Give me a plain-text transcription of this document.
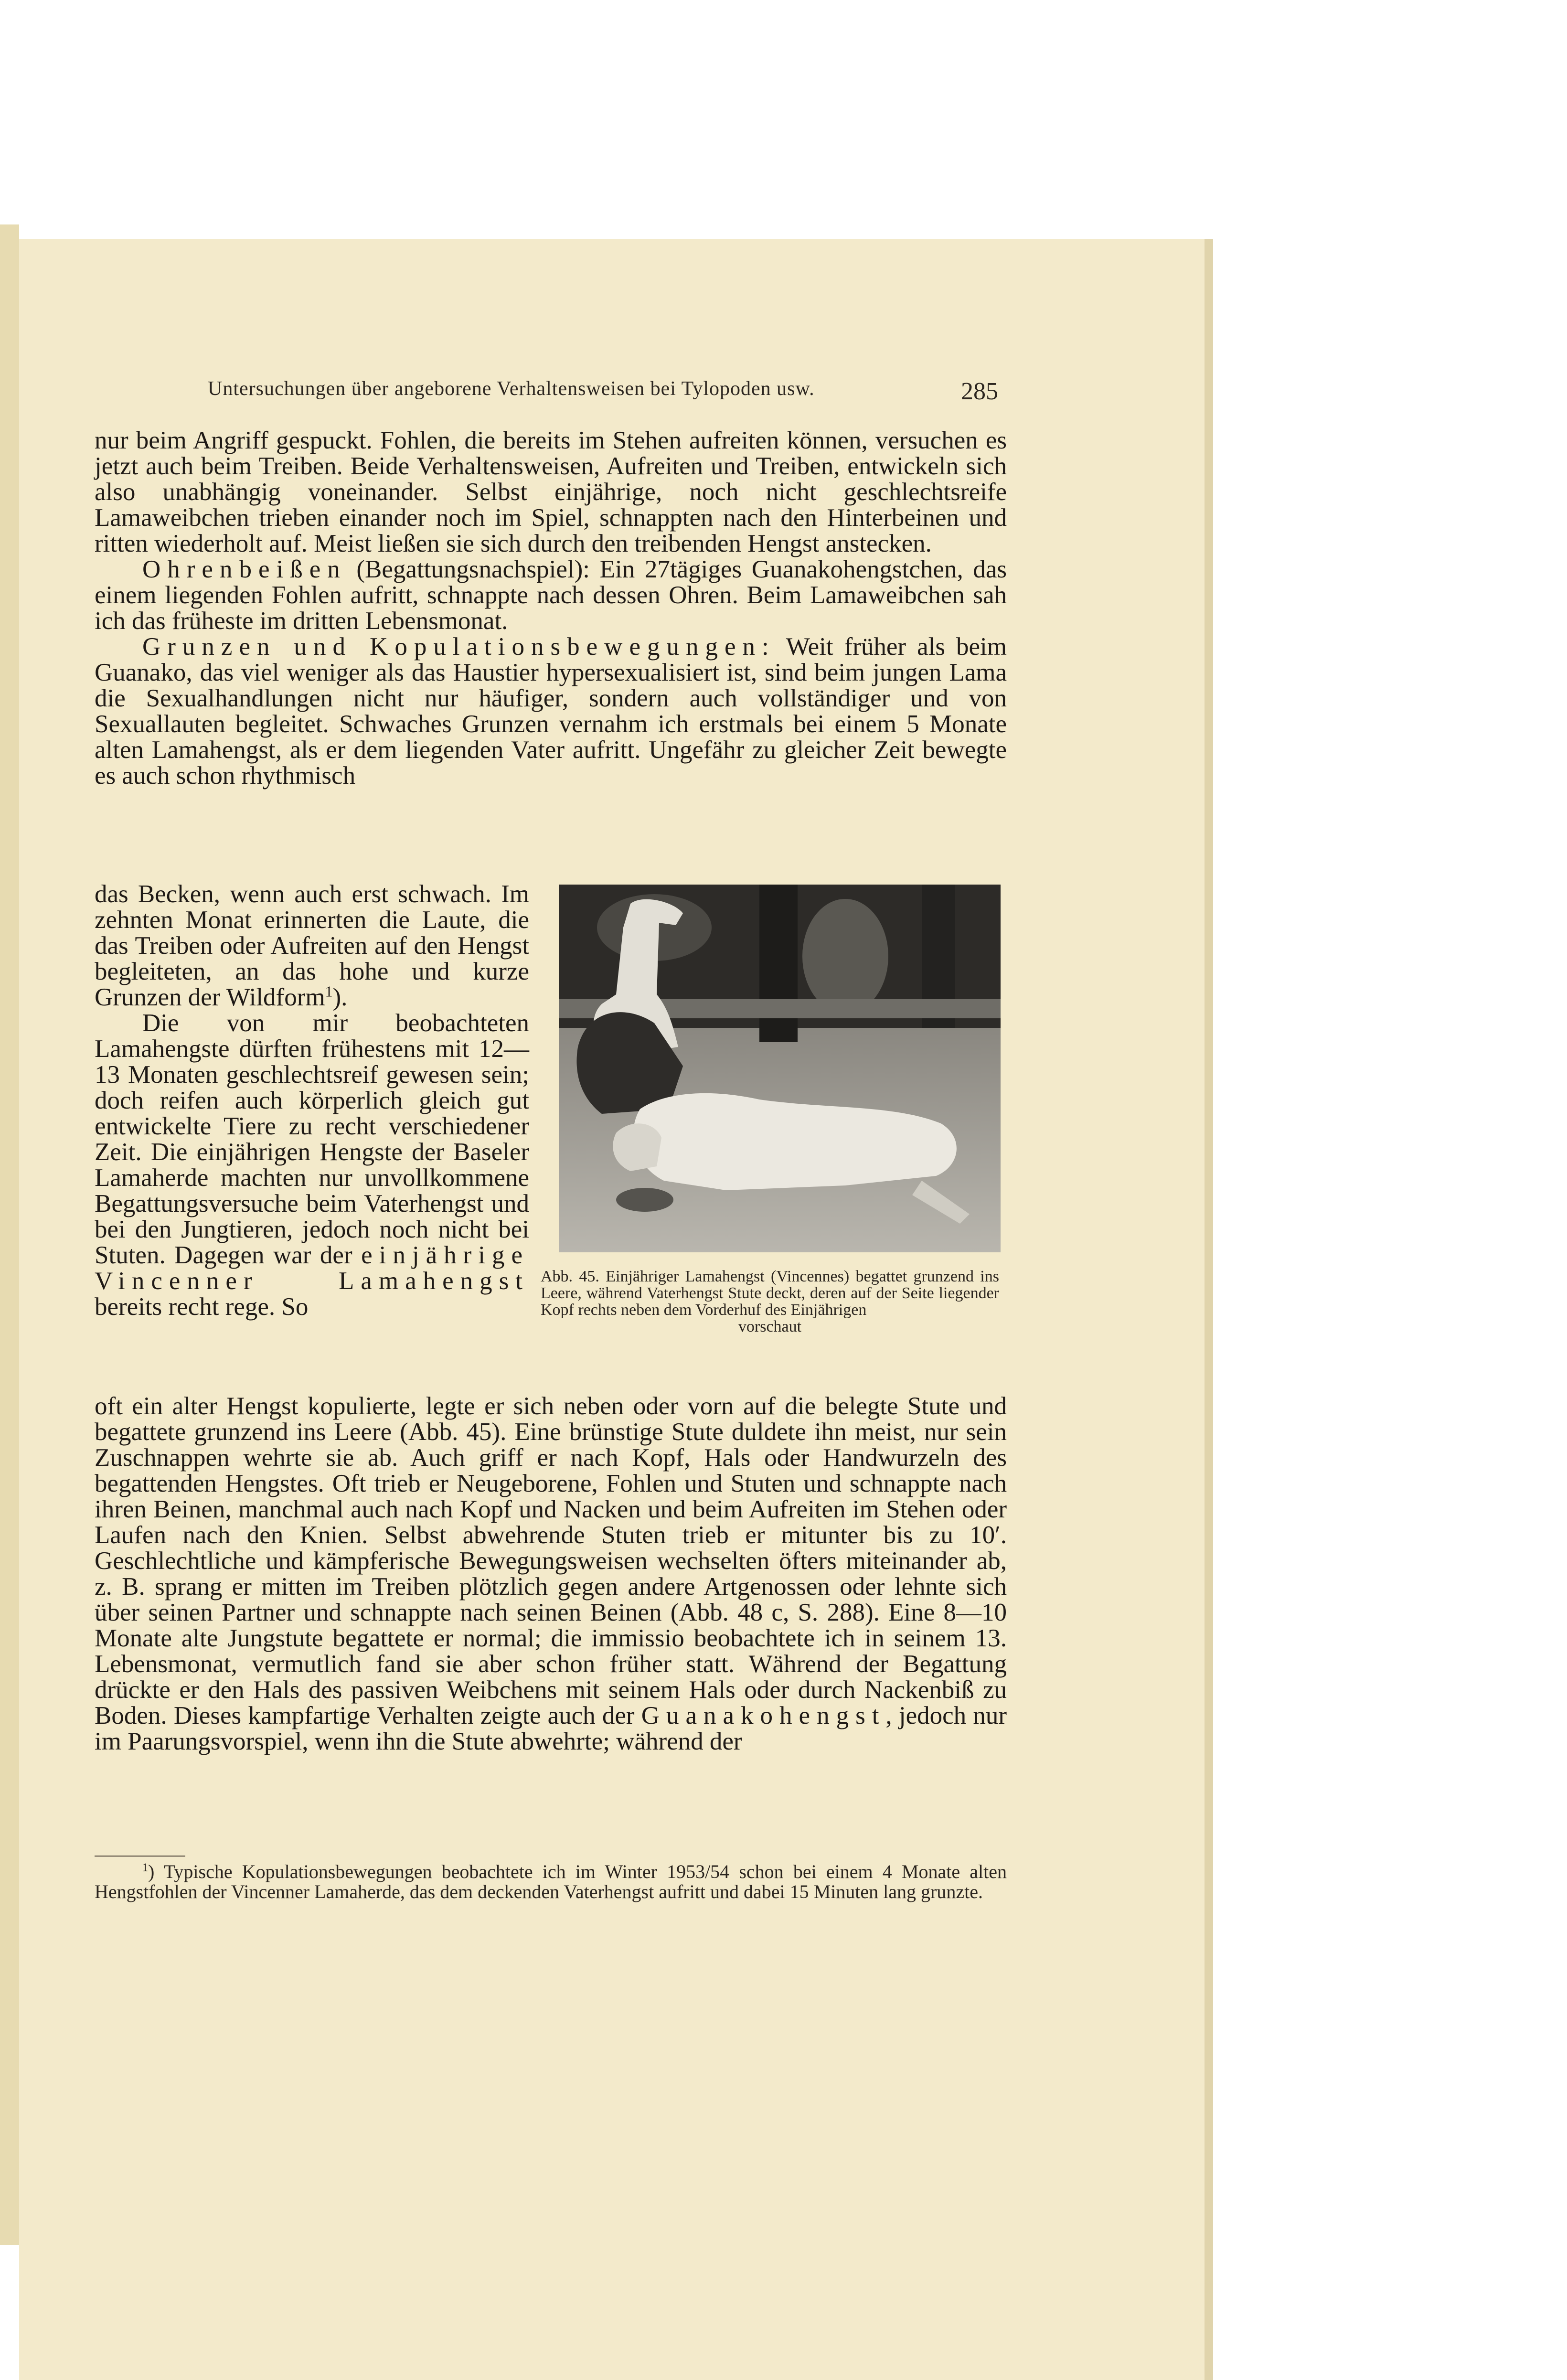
Untersuchungen über angeborene Verhaltensweisen bei Tylopoden usw.	285

nur beim Angriff gespuckt. Fohlen, die bereits im Stehen aufreiten können, versuchen es jetzt auch beim Treiben. Beide Verhaltensweisen, Aufreiten und Treiben, entwickeln sich also unabhängig voneinander. Selbst einjährige, noch nicht geschlechtsreife Lamaweibchen trieben einander noch im Spiel, schnappten nach den Hinterbeinen und ritten wiederholt auf. Meist ließen sie sich durch den treibenden Hengst anstecken.

Ohrenbeißen (Begattungsnachspiel): Ein 27tägiges Guanakohengstchen, das einem liegenden Fohlen aufritt, schnappte nach dessen Ohren. Beim Lamaweibchen sah ich das früheste im dritten Lebensmonat.

Grunzen und Kopulationsbewegungen: Weit früher als beim Guanako, das viel weniger als das Haustier hypersexualisiert ist, sind beim jungen Lama die Sexualhandlungen nicht nur häufiger, sondern auch vollständiger und von Sexuallauten begleitet. Schwaches Grunzen vernahm ich erstmals bei einem 5 Monate alten Lamahengst, als er dem liegenden Vater aufritt. Ungefähr zu gleicher Zeit bewegte es auch schon rhythmisch

das Becken, wenn auch erst schwach. Im zehnten Monat erinnerten die Laute, die das Treiben oder Aufreiten auf den Hengst begleiteten, an das hohe und kurze Grunzen der Wildform$^1$).

Die von mir beobachteten Lamahengste dürften frühestens mit 12—13 Monaten geschlechtsreif gewesen sein; doch reifen auch körperlich gleich gut entwickelte Tiere zu recht verschiedener Zeit. Die einjährigen Hengste der Baseler Lamaherde machten nur unvollkommene Begattungsversuche beim Vaterhengst und bei den Jungtieren, jedoch noch nicht bei Stuten. Dagegen war der einjährige Vincenner Lamahengst bereits recht rege. So

Abb. 45. Einjähriger Lamahengst (Vincennes) begattet grunzend ins Leere, während Vaterhengst Stute deckt, deren auf der Seite liegender Kopf rechts neben dem Vorderhuf des Einjährigen
vorschaut

oft ein alter Hengst kopulierte, legte er sich neben oder vorn auf die belegte Stute und begattete grunzend ins Leere (Abb. 45). Eine brünstige Stute duldete ihn meist, nur sein Zuschnappen wehrte sie ab. Auch griff er nach Kopf, Hals oder Handwurzeln des begattenden Hengstes. Oft trieb er Neugeborene, Fohlen und Stuten und schnappte nach ihren Beinen, manchmal auch nach Kopf und Nacken und beim Aufreiten im Stehen oder Laufen nach den Knien. Selbst abwehrende Stuten trieb er mitunter bis zu 10′. Geschlechtliche und kämpferische Bewegungsweisen wechselten öfters miteinander ab, z. B. sprang er mitten im Treiben plötzlich gegen andere Artgenossen oder lehnte sich über seinen Partner und schnappte nach seinen Beinen (Abb. 48 c, S. 288). Eine 8—10 Monate alte Jungstute begattete er normal; die immissio beobachtete ich in seinem 13. Lebensmonat, vermutlich fand sie aber schon früher statt. Während der Begattung drückte er den Hals des passiven Weibchens mit seinem Hals oder durch Nackenbiß zu Boden. Dieses kampfartige Verhalten zeigte auch der Guanakohengst, jedoch nur im Paarungsvorspiel, wenn ihn die Stute abwehrte; während der

$^1$) Typische Kopulationsbewegungen beobachtete ich im Winter 1953/54 schon bei einem 4 Monate alten Hengstfohlen der Vincenner Lamaherde, das dem deckenden Vaterhengst aufritt und dabei 15 Minuten lang grunzte.
